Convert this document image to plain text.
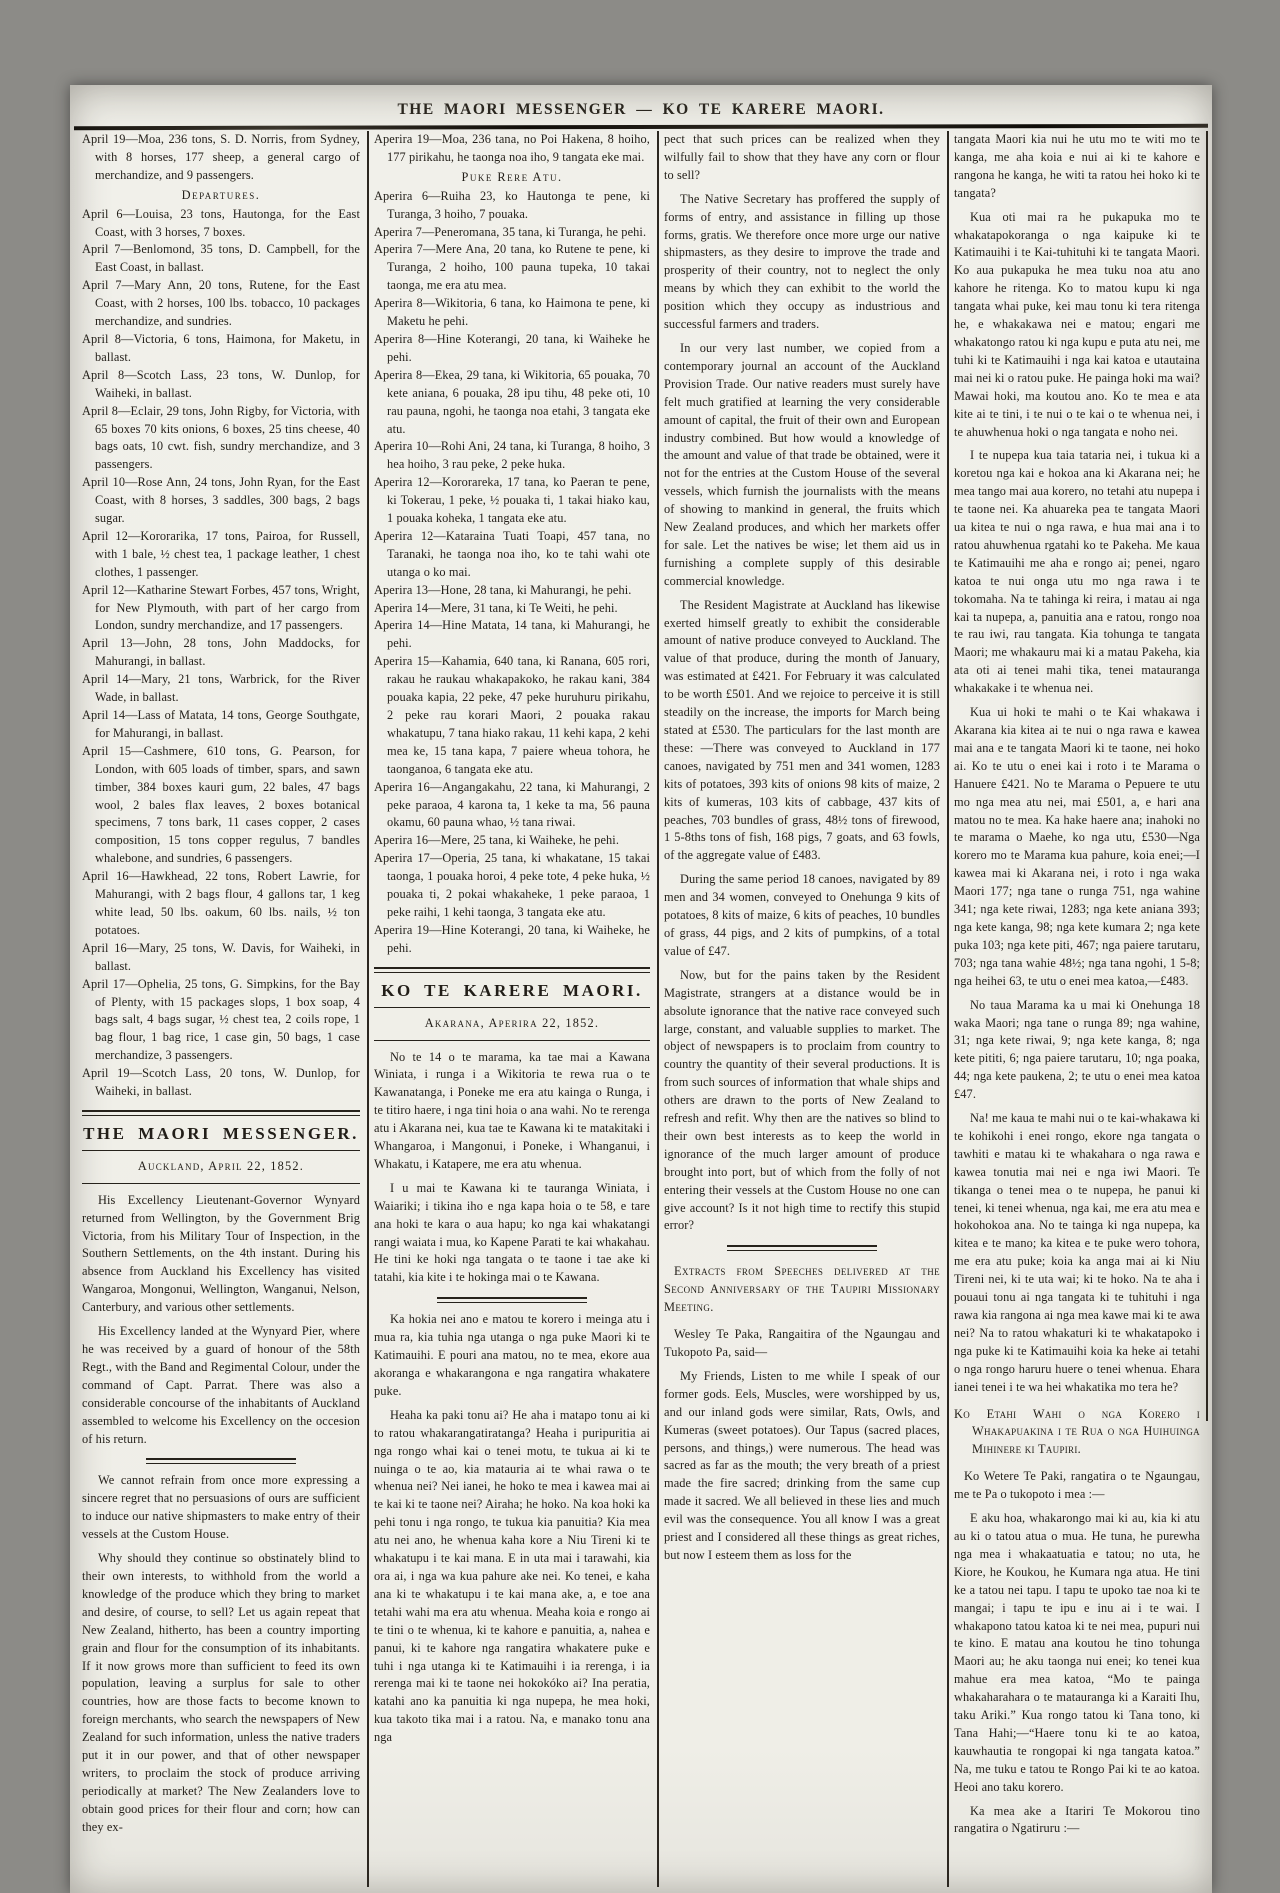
THE MAORI MESSENGER — KO TE KARERE MAORI.
April 19—Moa, 236 tons, S. D. Norris, from Sydney, with 8 horses, 177 sheep, a general cargo of merchandize, and 9 passengers.
Departures.
April 6—Louisa, 23 tons, Hautonga, for the East Coast, with 3 horses, 7 boxes.
April 7—Benlomond, 35 tons, D. Campbell, for the East Coast, in ballast.
April 7—Mary Ann, 20 tons, Rutene, for the East Coast, with 2 horses, 100 lbs. tobacco, 10 packages merchandize, and sundries.
April 8—Victoria, 6 tons, Haimona, for Maketu, in ballast.
April 8—Scotch Lass, 23 tons, W. Dunlop, for Waiheki, in ballast.
April 8—Eclair, 29 tons, John Rigby, for Victoria, with 65 boxes 70 kits onions, 6 boxes, 25 tins cheese, 40 bags oats, 10 cwt. fish, sundry merchandize, and 3 passengers.
April 10—Rose Ann, 24 tons, John Ryan, for the East Coast, with 8 horses, 3 saddles, 300 bags, 2 bags sugar.
April 12—Kororarika, 17 tons, Pairoa, for Russell, with 1 bale, ½ chest tea, 1 package leather, 1 chest clothes, 1 passenger.
April 12—Katharine Stewart Forbes, 457 tons, Wright, for New Plymouth, with part of her cargo from London, sundry merchandize, and 17 passengers.
April 13—John, 28 tons, John Maddocks, for Mahurangi, in ballast.
April 14—Mary, 21 tons, Warbrick, for the River Wade, in ballast.
April 14—Lass of Matata, 14 tons, George Southgate, for Mahurangi, in ballast.
April 15—Cashmere, 610 tons, G. Pearson, for London, with 605 loads of timber, spars, and sawn timber, 384 boxes kauri gum, 22 bales, 47 bags wool, 2 bales flax leaves, 2 boxes botanical specimens, 7 tons bark, 11 cases copper, 2 cases composition, 15 tons copper regulus, 7 bandles whalebone, and sundries, 6 passengers.
April 16—Hawkhead, 22 tons, Robert Lawrie, for Mahurangi, with 2 bags flour, 4 gallons tar, 1 keg white lead, 50 lbs. oakum, 60 lbs. nails, ½ ton potatoes.
April 16—Mary, 25 tons, W. Davis, for Waiheki, in ballast.
April 17—Ophelia, 25 tons, G. Simpkins, for the Bay of Plenty, with 15 packages slops, 1 box soap, 4 bags salt, 4 bags sugar, ½ chest tea, 2 coils rope, 1 bag flour, 1 bag rice, 1 case gin, 50 bags, 1 case merchandize, 3 passengers.
April 19—Scotch Lass, 20 tons, W. Dunlop, for Waiheki, in ballast.
THE MAORI MESSENGER.
Auckland, April 22, 1852.
His Excellency Lieutenant-Governor Wynyard returned from Wellington, by the Government Brig Victoria, from his Military Tour of Inspection, in the Southern Settlements, on the 4th instant. During his absence from Auckland his Excellency has visited Wangaroa, Mongonui, Wellington, Wanganui, Nelson, Canterbury, and various other settlements.
His Excellency landed at the Wynyard Pier, where he was received by a guard of honour of the 58th Regt., with the Band and Regimental Colour, under the command of Capt. Parrat. There was also a considerable concourse of the inhabitants of Auckland assembled to welcome his Excellency on the occesion of his return.
We cannot refrain from once more expressing a sincere regret that no persuasions of ours are sufficient to induce our native shipmasters to make entry of their vessels at the Custom House.
Why should they continue so obstinately blind to their own interests, to withhold from the world a knowledge of the produce which they bring to market and desire, of course, to sell? Let us again repeat that New Zealand, hitherto, has been a country importing grain and flour for the consumption of its inhabitants. If it now grows more than sufficient to feed its own population, leaving a surplus for sale to other countries, how are those facts to become known to foreign merchants, who search the newspapers of New Zealand for such information, unless the native traders put it in our power, and that of other newspaper writers, to proclaim the stock of produce arriving periodically at market? The New Zealanders love to obtain good prices for their flour and corn; how can they ex-
Aperira 19—Moa, 236 tana, no Poi Hakena, 8 hoiho, 177 pirikahu, he taonga noa iho, 9 tangata eke mai.
Puke Rere Atu.
Aperira 6—Ruiha 23, ko Hautonga te pene, ki Turanga, 3 hoiho, 7 pouaka.
Aperira 7—Peneromana, 35 tana, ki Turanga, he pehi.
Aperira 7—Mere Ana, 20 tana, ko Rutene te pene, ki Turanga, 2 hoiho, 100 pauna tupeka, 10 takai taonga, me era atu mea.
Aperira 8—Wikitoria, 6 tana, ko Haimona te pene, ki Maketu he pehi.
Aperira 8—Hine Koterangi, 20 tana, ki Waiheke he pehi.
Aperira 8—Ekea, 29 tana, ki Wikitoria, 65 pouaka, 70 kete aniana, 6 pouaka, 28 ipu tihu, 48 peke oti, 10 rau pauna, ngohi, he taonga noa etahi, 3 tangata eke atu.
Aperira 10—Rohi Ani, 24 tana, ki Turanga, 8 hoiho, 3 hea hoiho, 3 rau peke, 2 peke huka.
Aperira 12—Kororareka, 17 tana, ko Paeran te pene, ki Tokerau, 1 peke, ½ pouaka ti, 1 takai hiako kau, 1 pouaka koheka, 1 tangata eke atu.
Aperira 12—Kataraina Tuati Toapi, 457 tana, no Taranaki, he taonga noa iho, ko te tahi wahi ote utanga o ko mai.
Aperira 13—Hone, 28 tana, ki Mahurangi, he pehi.
Aperira 14—Mere, 31 tana, ki Te Weiti, he pehi.
Aperira 14—Hine Matata, 14 tana, ki Mahurangi, he pehi.
Aperira 15—Kahamia, 640 tana, ki Ranana, 605 rori, rakau he raukau whakapakoko, he rakau kani, 384 pouaka kapia, 22 peke, 47 peke huruhuru pirikahu, 2 peke rau korari Maori, 2 pouaka rakau whakatupu, 7 tana hiako rakau, 11 kehi kapa, 2 kehi mea ke, 15 tana kapa, 7 paiere wheua tohora, he taonganoa, 6 tangata eke atu.
Aperira 16—Angangakahu, 22 tana, ki Mahurangi, 2 peke paraoa, 4 karona ta, 1 keke ta ma, 56 pauna okamu, 60 pauna whao, ½ tana riwai.
Aperira 16—Mere, 25 tana, ki Waiheke, he pehi.
Aperira 17—Operia, 25 tana, ki whakatane, 15 takai taonga, 1 pouaka horoi, 4 peke tote, 4 peke huka, ½ pouaka ti, 2 pokai whakaheke, 1 peke paraoa, 1 peke raihi, 1 kehi taonga, 3 tangata eke atu.
Aperira 19—Hine Koterangi, 20 tana, ki Waiheke, he pehi.
KO TE KARERE MAORI.
Akarana, Aperira 22, 1852.
No te 14 o te marama, ka tae mai a Kawana Winiata, i runga i a Wikitoria te rewa rua o te Kawanatanga, i Poneke me era atu kainga o Runga, i te titiro haere, i nga tini hoia o ana wahi. No te rerenga atu i Akarana nei, kua tae te Kawana ki te matakitaki i Whangaroa, i Mangonui, i Poneke, i Whanganui, i Whakatu, i Katapere, me era atu whenua.
I u mai te Kawana ki te tauranga Winiata, i Waiariki; i tikina iho e nga kapa hoia o te 58, e tare ana hoki te kara o aua hapu; ko nga kai whakatangi rangi waiata i mua, ko Kapene Parati te kai whakahau. He tini ke hoki nga tangata o te taone i tae ake ki tatahi, kia kite i te hokinga mai o te Kawana.
Ka hokia nei ano e matou te korero i meinga atu i mua ra, kia tuhia nga utanga o nga puke Maori ki te Katimauihi. E pouri ana matou, no te mea, ekore aua akoranga e whakarangona e nga rangatira whakatere puke.
Heaha ka paki tonu ai? He aha i matapo tonu ai ki to ratou whakarangatiratanga? Heaha i puripuritia ai nga rongo whai kai o tenei motu, te tukua ai ki te nuinga o te ao, kia matauria ai te whai rawa o te whenua nei? Nei ianei, he hoko te mea i kawea mai ai te kai ki te taone nei? Airaha; he hoko. Na koa hoki ka pehi tonu i nga rongo, te tukua kia panuitia? Kia mea atu nei ano, he whenua kaha kore a Niu Tireni ki te whakatupu i te kai mana. E in uta mai i tarawahi, kia ora ai, i nga wa kua pahure ake nei. Ko tenei, e kaha ana ki te whakatupu i te kai mana ake, a, e toe ana tetahi wahi ma era atu whenua. Meaha koia e rongo ai te tini o te whenua, ki te kahore e panuitia, a, nahea e panui, ki te kahore nga rangatira whakatere puke e tuhi i nga utanga ki te Katimauihi i ia rerenga, i ia rerenga mai ki te taone nei hokokóko ai? Ina peratia, katahi ano ka panuitia ki nga nupepa, he mea hoki, kua takoto tika mai i a ratou. Na, e manako tonu ana nga
pect that such prices can be realized when they wilfully fail to show that they have any corn or flour to sell?
The Native Secretary has proffered the supply of forms of entry, and assistance in filling up those forms, gratis. We therefore once more urge our native shipmasters, as they desire to improve the trade and prosperity of their country, not to neglect the only means by which they can exhibit to the world the position which they occupy as industrious and successful farmers and traders.
In our very last number, we copied from a contemporary journal an account of the Auckland Provision Trade. Our native readers must surely have felt much gratified at learning the very considerable amount of capital, the fruit of their own and European industry combined. But how would a knowledge of the amount and value of that trade be obtained, were it not for the entries at the Custom House of the several vessels, which furnish the journalists with the means of showing to mankind in general, the fruits which New Zealand produces, and which her markets offer for sale. Let the natives be wise; let them aid us in furnishing a complete supply of this desirable commercial knowledge.
The Resident Magistrate at Auckland has likewise exerted himself greatly to exhibit the considerable amount of native produce conveyed to Auckland. The value of that produce, during the month of January, was estimated at £421. For February it was calculated to be worth £501. And we rejoice to perceive it is still steadily on the increase, the imports for March being stated at £530. The particulars for the last month are these: —There was conveyed to Auckland in 177 canoes, navigated by 751 men and 341 women, 1283 kits of potatoes, 393 kits of onions 98 kits of maize, 2 kits of kumeras, 103 kits of cabbage, 437 kits of peaches, 703 bundles of grass, 48½ tons of firewood, 1 5-8ths tons of fish, 168 pigs, 7 goats, and 63 fowls, of the aggregate value of £483.
During the same period 18 canoes, navigated by 89 men and 34 women, conveyed to Onehunga 9 kits of potatoes, 8 kits of maize, 6 kits of peaches, 10 bundles of grass, 44 pigs, and 2 kits of pumpkins, of a total value of £47.
Now, but for the pains taken by the Resident Magistrate, strangers at a distance would be in absolute ignorance that the native race conveyed such large, constant, and valuable supplies to market. The object of newspapers is to proclaim from country to country the quantity of their several productions. It is from such sources of information that whale ships and others are drawn to the ports of New Zealand to refresh and refit. Why then are the natives so blind to their own best interests as to keep the world in ignorance of the much larger amount of produce brought into port, but of which from the folly of not entering their vessels at the Custom House no one can give account? Is it not high time to rectify this stupid error?
Extracts from Speeches delivered at the Second Anniversary of the Taupiri Missionary Meeting.
Wesley Te Paka, Rangaitira of the Ngaungau and Tukopoto Pa, said—
My Friends, Listen to me while I speak of our former gods. Eels, Muscles, were worshipped by us, and our inland gods were similar, Rats, Owls, and Kumeras (sweet potatoes). Our Tapus (sacred places, persons, and things,) were numerous. The head was sacred as far as the mouth; the very breath of a priest made the fire sacred; drinking from the same cup made it sacred. We all believed in these lies and much evil was the consequence. You all know I was a great priest and I considered all these things as great riches, but now I esteem them as loss for the
tangata Maori kia nui he utu mo te witi mo te kanga, me aha koia e nui ai ki te kahore e rangona he kanga, he witi ta ratou hei hoko ki te tangata?
Kua oti mai ra he pukapuka mo te whakatapokoranga o nga kaipuke ki te Katimauihi i te Kai-tuhituhi ki te tangata Maori. Ko aua pukapuka he mea tuku noa atu ano kahore he ritenga. Ko to matou kupu ki nga tangata whai puke, kei mau tonu ki tera ritenga he, e whakakawa nei e matou; engari me whakatongo ratou ki nga kupu e puta atu nei, me tuhi ki te Katimauihi i nga kai katoa e utautaina mai nei ki o ratou puke. He painga hoki ma wai? Mawai hoki, ma koutou ano. Ko te mea e ata kite ai te tini, i te nui o te kai o te whenua nei, i te ahuwhenua hoki o nga tangata e noho nei.
I te nupepa kua taia tataria nei, i tukua ki a koretou nga kai e hokoa ana ki Akarana nei; he mea tango mai aua korero, no tetahi atu nupepa i te taone nei. Ka ahuareka pea te tangata Maori ua kitea te nui o nga rawa, e hua mai ana i to ratou ahuwhenua rgatahi ko te Pakeha. Me kaua te Katimauihi me aha e rongo ai; penei, ngaro katoa te nui onga utu mo nga rawa i te tokomaha. Na te tahinga ki reira, i matau ai nga kai ta nupepa, a, panuitia ana e ratou, rongo noa te rau iwi, rau tangata. Kia tohunga te tangata Maori; me whakauru mai ki a matau Pakeha, kia ata oti ai tenei mahi tika, tenei matauranga whakakake i te whenua nei.
Kua ui hoki te mahi o te Kai whakawa i Akarana kia kitea ai te nui o nga rawa e kawea mai ana e te tangata Maori ki te taone, nei hoko ai. Ko te utu o enei kai i roto i te Marama o Hanuere £421. No te Marama o Pepuere te utu mo nga mea atu nei, mai £501, a, e hari ana matou no te mea. Ka hake haere ana; inahoki no te marama o Maehe, ko nga utu, £530—Nga korero mo te Marama kua pahure, koia enei;—I kawea mai ki Akarana nei, i roto i nga waka Maori 177; nga tane o runga 751, nga wahine 341; nga kete riwai, 1283; nga kete aniana 393; nga kete kanga, 98; nga kete kumara 2; nga kete puka 103; nga kete piti, 467; nga paiere tarutaru, 703; nga tana wahie 48½; nga tana ngohi, 1 5-8; nga heihei 63, te utu o enei mea katoa,—£483.
No taua Marama ka u mai ki Onehunga 18 waka Maori; nga tane o runga 89; nga wahine, 31; nga kete riwai, 9; nga kete kanga, 8; nga kete pititi, 6; nga paiere tarutaru, 10; nga poaka, 44; nga kete paukena, 2; te utu o enei mea katoa £47.
Na! me kaua te mahi nui o te kai-whakawa ki te kohikohi i enei rongo, ekore nga tangata o tawhiti e matau ki te whakahara o nga rawa e kawea tonutia mai nei e nga iwi Maori. Te tikanga o tenei mea o te nupepa, he panui ki tenei, ki tenei whenua, nga kai, me era atu mea e hokohokoa ana. No te tainga ki nga nupepa, ka kitea e te mano; ka kitea e te puke wero tohora, me era atu puke; koia ka anga mai ai ki Niu Tireni nei, ki te uta wai; ki te hoko. Na te aha i pouaui tonu ai nga tangata ki te tuhituhi i nga rawa kia rangona ai nga mea kawe mai ki te awa nei? Na to ratou whakaturi ki te whakatapoko i nga puke ki te Katimauihi koia ka heke ai tetahi o nga rongo haruru huere o tenei whenua. Ehara ianei tenei i te wa hei whakatika mo tera he?
Ko Etahi Wahi o nga Korero i Whakapuakina i te Rua o nga Huihuinga Mihinere ki Taupiri.
Ko Wetere Te Paki, rangatira o te Ngaungau, me te Pa o tukopoto i mea :—
E aku hoa, whakarongo mai ki au, kia ki atu au ki o tatou atua o mua. He tuna, he purewha nga mea i whakaatuatia e tatou; no uta, he Kiore, he Koukou, he Kumara nga atua. He tini ke a tatou nei tapu. I tapu te upoko tae noa ki te mangai; i tapu te ipu e inu ai i te wai. I whakapono tatou katoa ki te nei mea, pupuri nui te kino. E matau ana koutou he tino tohunga Maori au; he aku taonga nui enei; ko tenei kua mahue era mea katoa, “Mo te painga whakaharahara o te matauranga ki a Karaiti Ihu, taku Ariki.” Kua rongo tatou ki Tana tono, ki Tana Hahi;—“Haere tonu ki te ao katoa, kauwhautia te rongopai ki nga tangata katoa.” Na, me tuku e tatou te Rongo Pai ki te ao katoa. Heoi ano taku korero.
Ka mea ake a Itariri Te Mokorou tino rangatira o Ngatiruru :—
